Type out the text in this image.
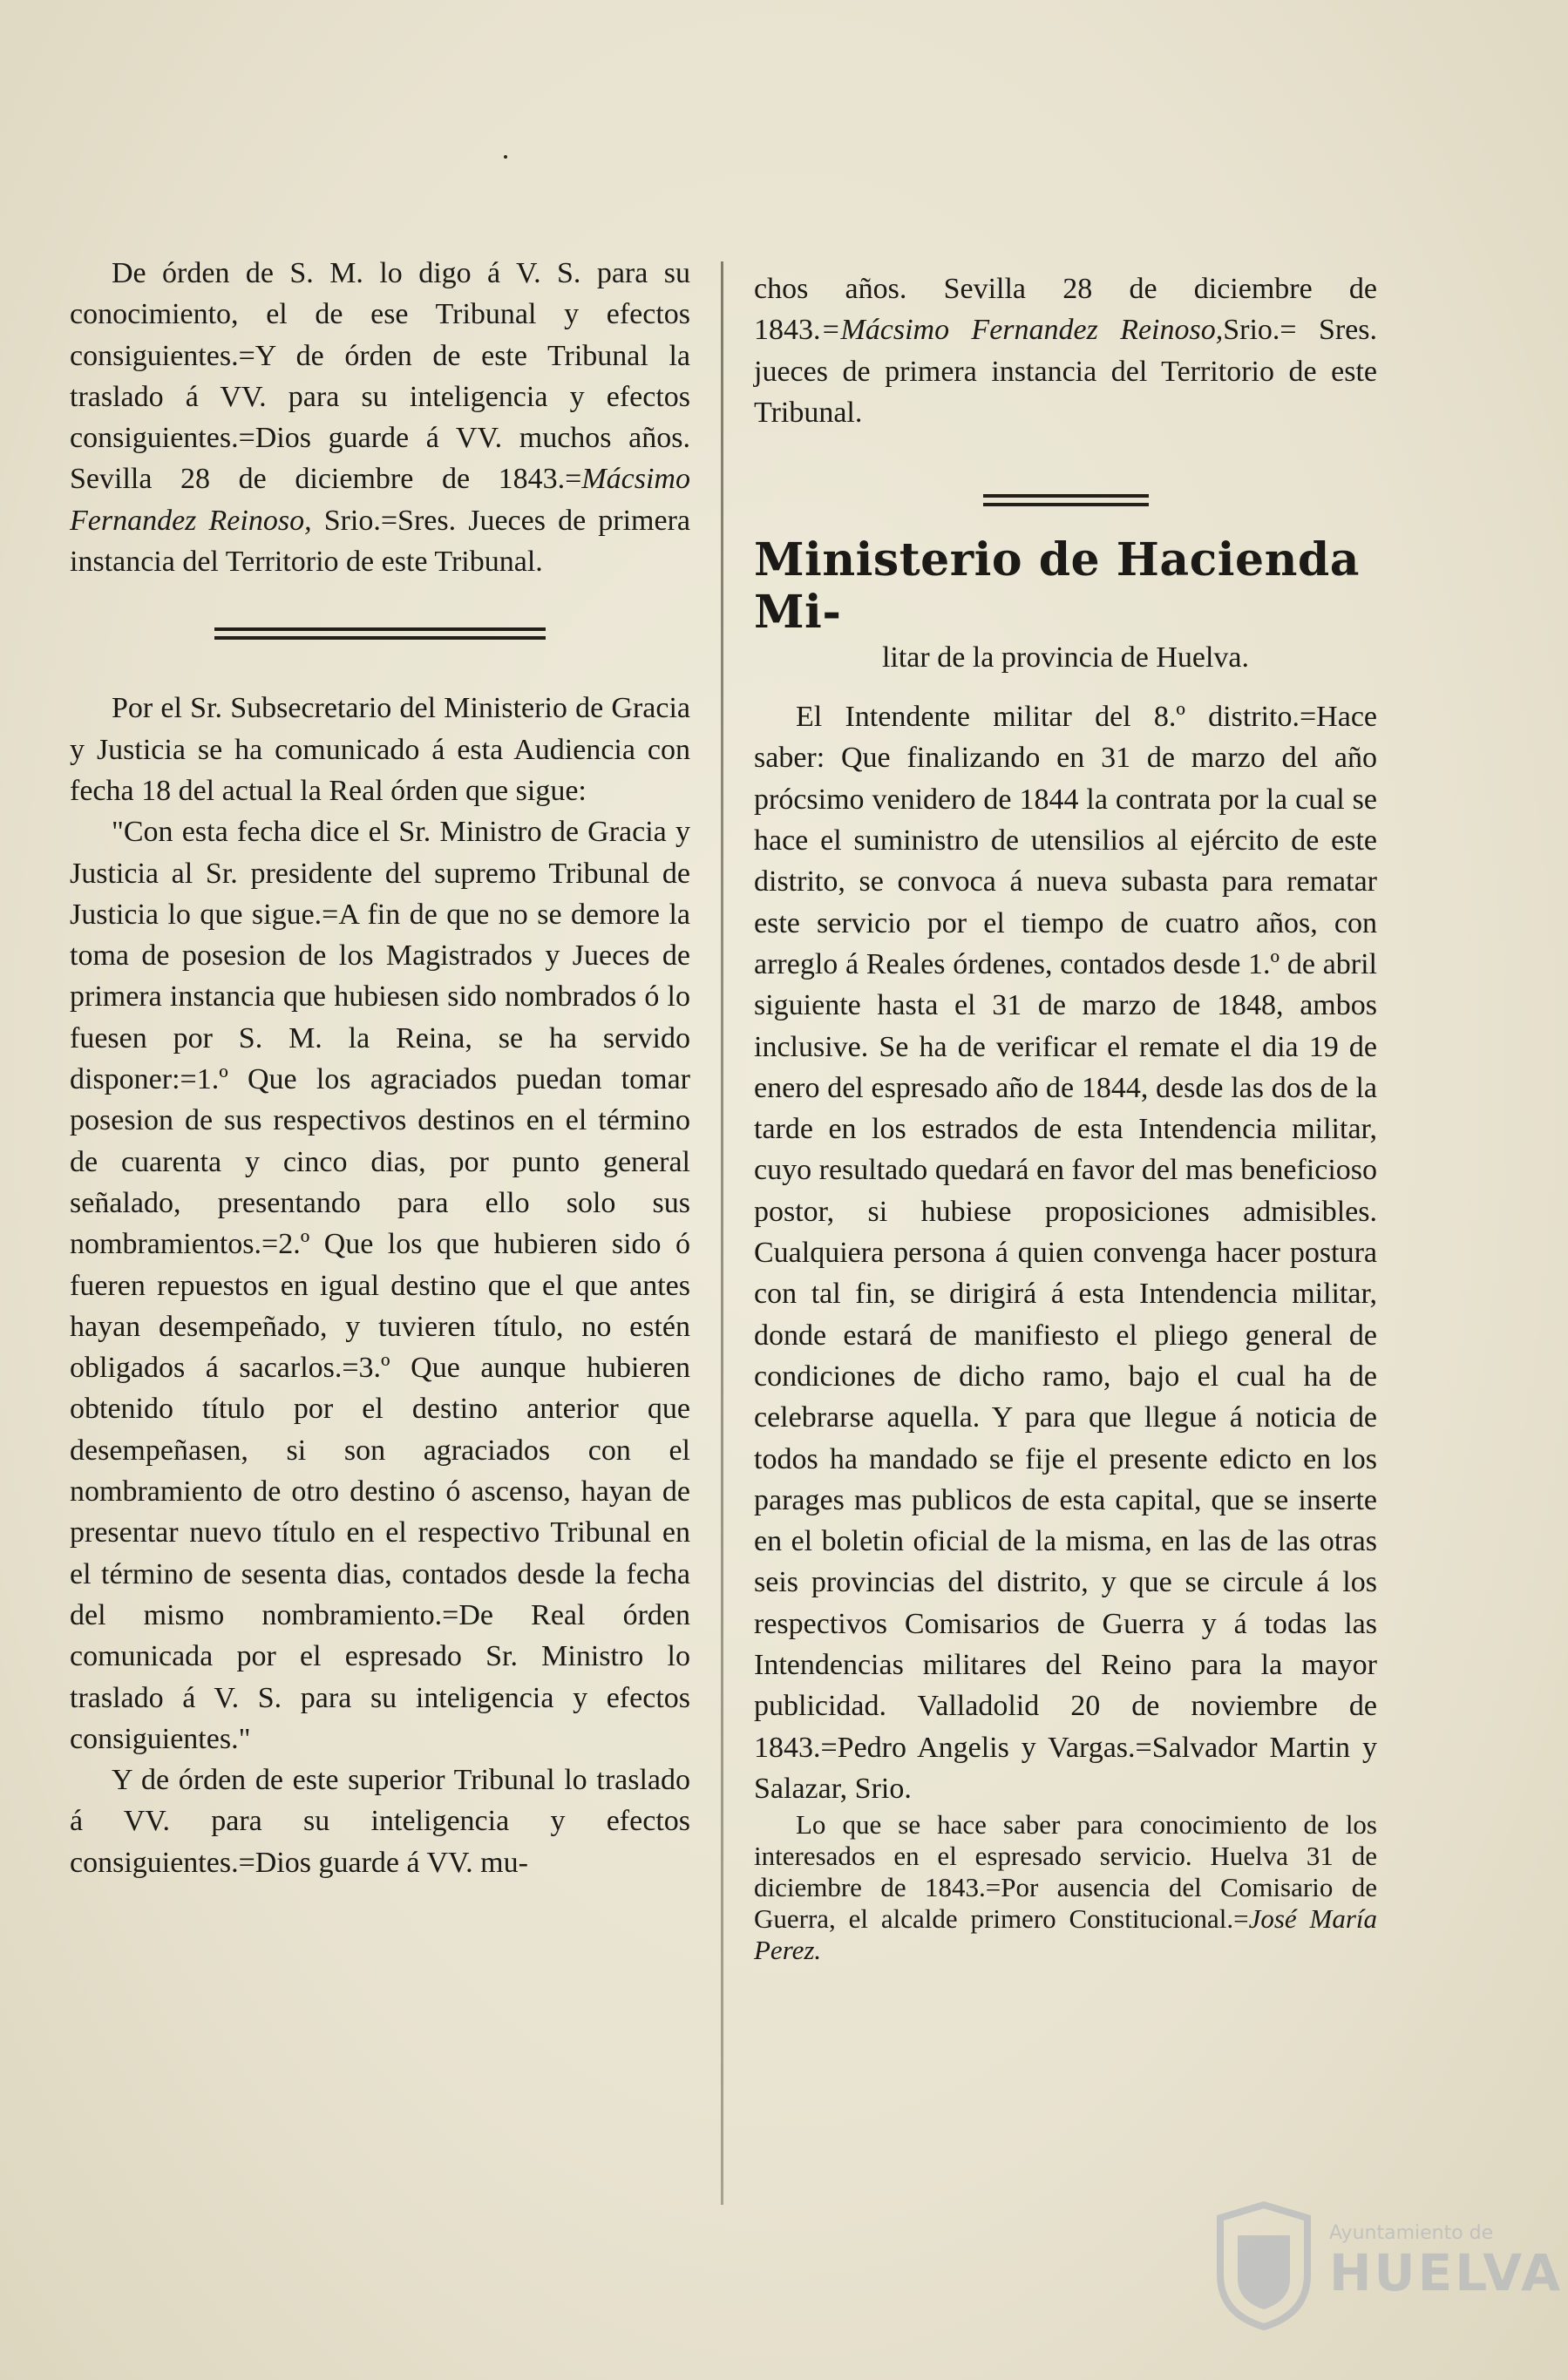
De órden de S. M. lo digo á V. S. para su conocimiento, el de ese Tribunal y efectos consiguientes.=Y de órden de este Tribunal la traslado á VV. para su inteligencia y efectos consiguientes.=Dios guarde á VV. muchos años. Sevilla 28 de diciembre de 1843.=Mácsimo Fernandez Reinoso, Srio.=Sres. Jueces de primera instancia del Territorio de este Tribunal.

Por el Sr. Subsecretario del Ministerio de Gracia y Justicia se ha comunicado á esta Audiencia con fecha 18 del actual la Real órden que sigue:

"Con esta fecha dice el Sr. Ministro de Gracia y Justicia al Sr. presidente del supremo Tribunal de Justicia lo que sigue.=A fin de que no se demore la toma de posesion de los Magistrados y Jueces de primera instancia que hubiesen sido nombrados ó lo fuesen por S. M. la Reina, se ha servido disponer:=1.º Que los agraciados puedan tomar posesion de sus respectivos destinos en el término de cuarenta y cinco dias, por punto general señalado, presentando para ello solo sus nombramientos.=2.º Que los que hubieren sido ó fueren repuestos en igual destino que el que antes hayan desempeñado, y tuvieren título, no estén obligados á sacarlos.=3.º Que aunque hubieren obtenido título por el destino anterior que desempeñasen, si son agraciados con el nombramiento de otro destino ó ascenso, hayan de presentar nuevo título en el respectivo Tribunal en el término de sesenta dias, contados desde la fecha del mismo nombramiento.=De Real órden comunicada por el espresado Sr. Ministro lo traslado á V. S. para su inteligencia y efectos consiguientes."

Y de órden de este superior Tribunal lo traslado á VV. para su inteligencia y efectos consiguientes.=Dios guarde á VV. mu-

chos años. Sevilla 28 de diciembre de 1843.=Mácsimo Fernandez Reinoso,Srio.= Sres. jueces de primera instancia del Territorio de este Tribunal.

Ministerio de Hacienda Mi-
litar de la provincia de Huelva.

El Intendente militar del 8.º distrito.=Hace saber: Que finalizando en 31 de marzo del año prócsimo venidero de 1844 la contrata por la cual se hace el suministro de utensilios al ejército de este distrito, se convoca á nueva subasta para rematar este servicio por el tiempo de cuatro años, con arreglo á Reales órdenes, contados desde 1.º de abril siguiente hasta el 31 de marzo de 1848, ambos inclusive. Se ha de verificar el remate el dia 19 de enero del espresado año de 1844, desde las dos de la tarde en los estrados de esta Intendencia militar, cuyo resultado quedará en favor del mas beneficioso postor, si hubiese proposiciones admisibles. Cualquiera persona á quien convenga hacer postura con tal fin, se dirigirá á esta Intendencia militar, donde estará de manifiesto el pliego general de condiciones de dicho ramo, bajo el cual ha de celebrarse aquella. Y para que llegue á noticia de todos ha mandado se fije el presente edicto en los parages mas publicos de esta capital, que se inserte en el boletin oficial de la misma, en las de las otras seis provincias del distrito, y que se circule á los respectivos Comisarios de Guerra y á todas las Intendencias militares del Reino para la mayor publicidad. Valladolid 20 de noviembre de 1843.=Pedro Angelis y Vargas.=Salvador Martin y Salazar, Srio.

Lo que se hace saber para conocimiento de los interesados en el espresado servicio. Huelva 31 de diciembre de 1843.=Por ausencia del Comisario de Guerra, el alcalde primero Constitucional.=José María Perez.

Ayuntamiento de
HUELVA
